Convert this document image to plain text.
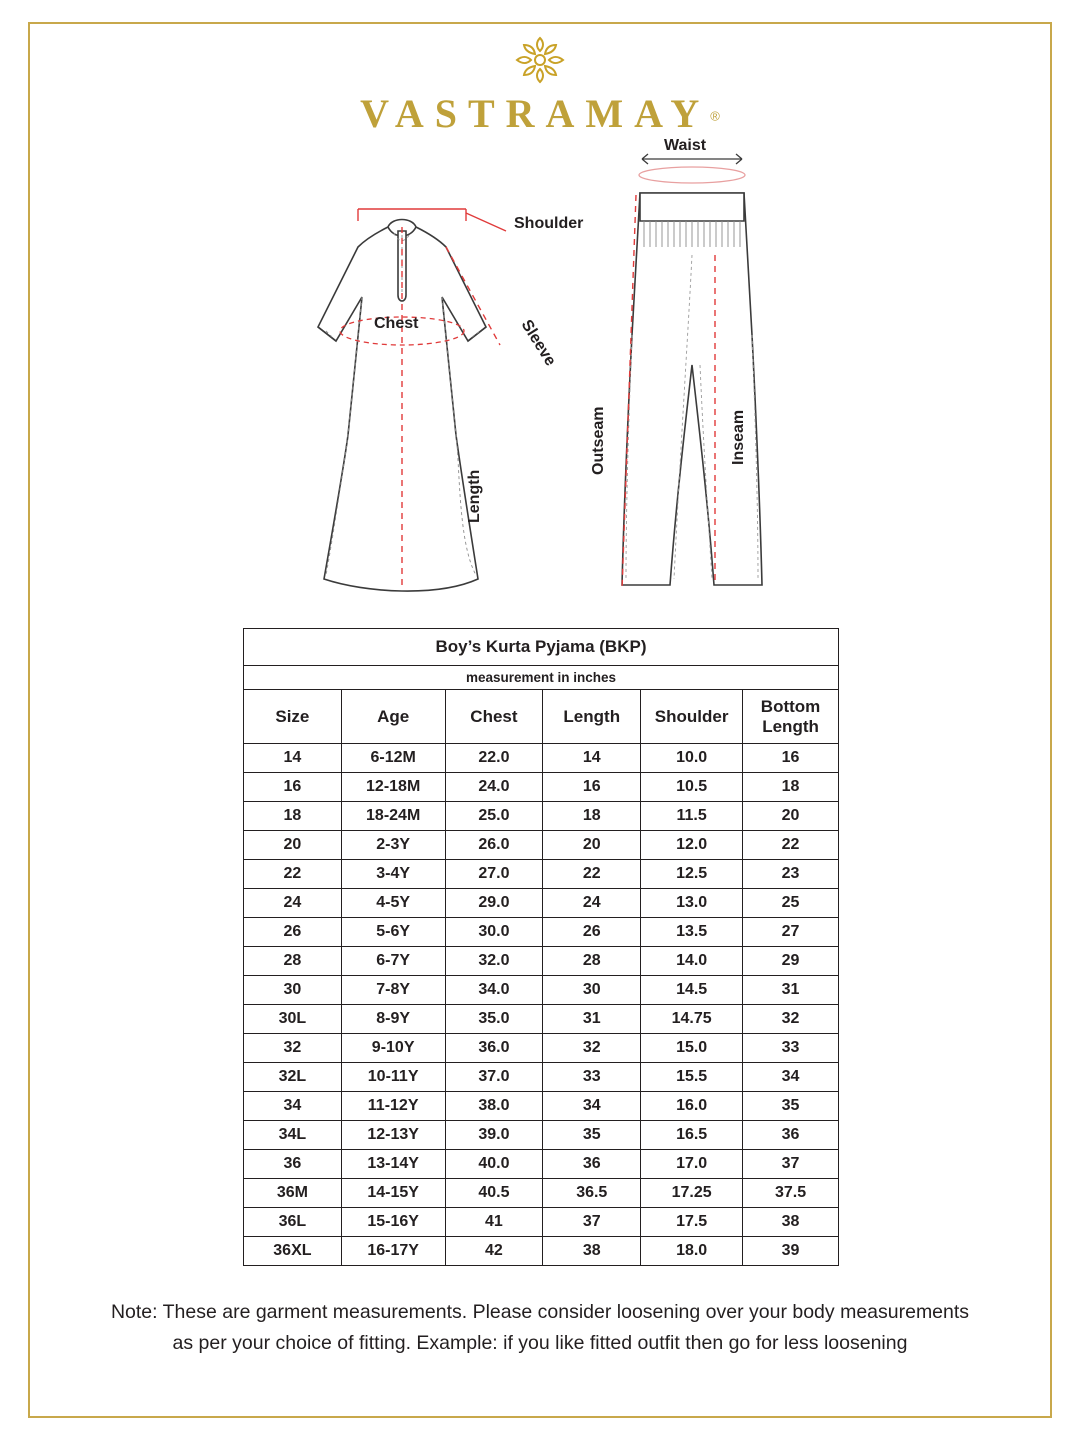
VASTRAMAY®
Shoulder
Chest	Sleeve
Length
Waist
Outseam	Inseam
Boy’s Kurta Pyjama (BKP)					
measurement in inches					
Size	Age	Chest	Length	Shoulder	Bottom Length
14	6-12M	22.0	14	10.0	16
16	12-18M	24.0	16	10.5	18
18	18-24M	25.0	18	11.5	20
20	2-3Y	26.0	20	12.0	22
22	3-4Y	27.0	22	12.5	23
24	4-5Y	29.0	24	13.0	25
26	5-6Y	30.0	26	13.5	27
28	6-7Y	32.0	28	14.0	29
30	7-8Y	34.0	30	14.5	31
30L	8-9Y	35.0	31	14.75	32
32	9-10Y	36.0	32	15.0	33
32L	10-11Y	37.0	33	15.5	34
34	11-12Y	38.0	34	16.0	35
34L	12-13Y	39.0	35	16.5	36
36	13-14Y	40.0	36	17.0	37
36M	14-15Y	40.5	36.5	17.25	37.5
36L	15-16Y	41	37	17.5	38
36XL	16-17Y	42	38	18.0	39
Note: These are garment measurements. Please consider loosening over your body measurements
as per your choice of fitting. Example: if you like fitted outfit then go for less loosening
